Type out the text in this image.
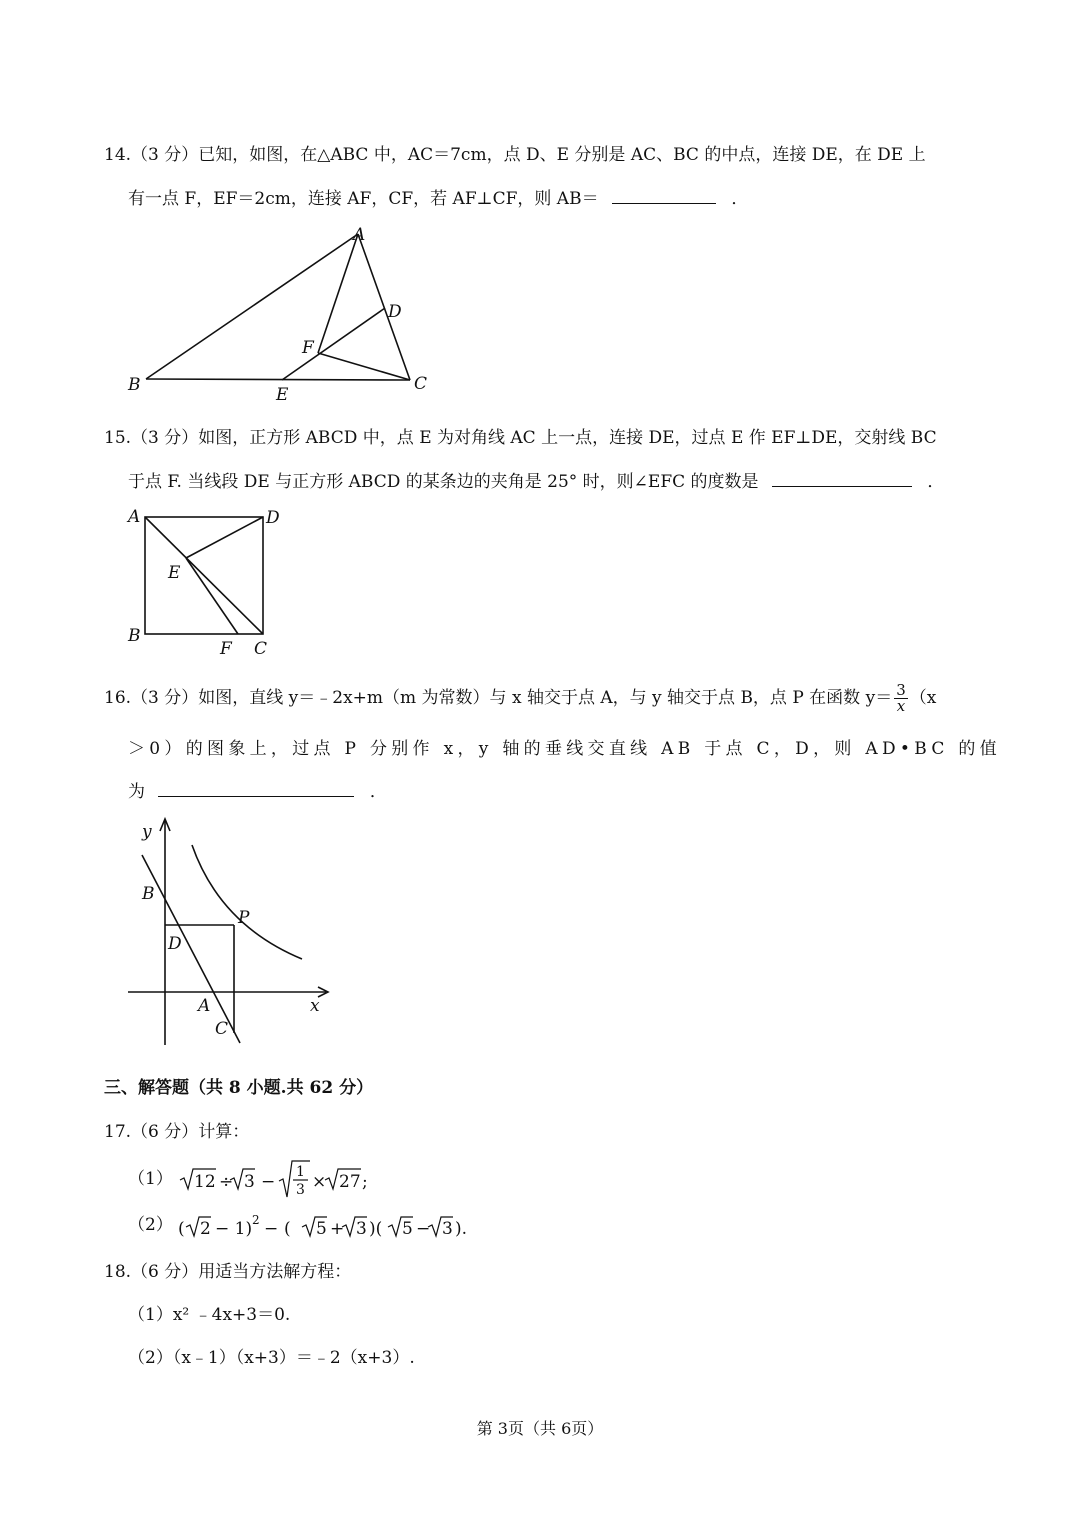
14.（3 分）已知，如图，在△ABC 中，AC＝7cm，点 D、E 分别是 AC、BC 的中点，连接 DE，在 DE 上
有一点 F，EF＝2cm，连接 AF，CF，若 AF⊥CF，则 AB＝	．
A
B	C
D
E
F
15.（3 分）如图，正方形 ABCD 中，点 E 为对角线 AC 上一点，连接 DE，过点 E 作 EF⊥DE，交射线 BC
于点 F. 当线段 DE 与正方形 ABCD 的某条边的夹角是 25° 时，则∠EFC 的度数是	．
A	D
E
B
F C
16.（3 分）如图，直线 y＝﹣2x+m（m 为常数）与 x 轴交于点 A，与 y 轴交于点 B，点 P 在函数 $y= \frac{3}{x} (x$
＞0）的图象上，过点 P 分别作 x，y 轴的垂线交直线 AB 于点 C，D，则 AD•BC 的值
为	．
y
x
B
P
D
A
C
三、解答题（共 8 小题.共 62 分）
17.（6 分）计算：
（1） 12 ÷ 3 − 1
3 × 27 ;
（2） ( 2 − 1) 2 − ( 5 + 3 )( 5 − 3 ).
18.（6 分）用适当方法解方程：
（1）x² ﹣4x+3＝0.
（2）（x﹣1）（x+3）＝﹣2（x+3）.
第 3页（共 6页）
